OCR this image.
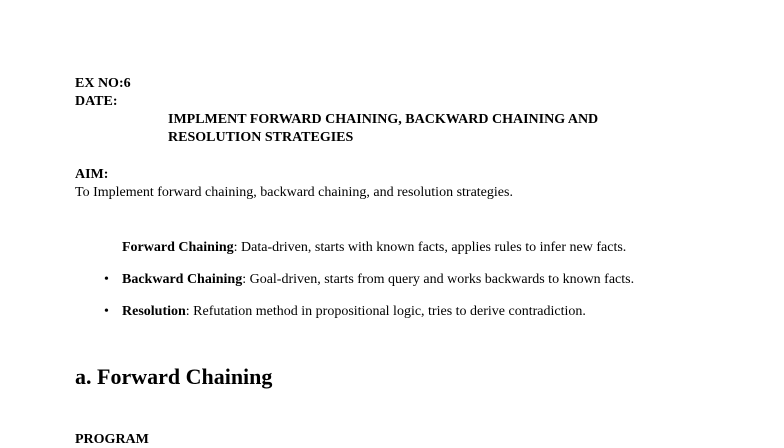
EX NO:6
DATE:
IMPLMENT FORWARD CHAINING, BACKWARD CHAINING AND
RESOLUTION STRATEGIES
AIM:
To Implement forward chaining, backward chaining, and resolution strategies.
Forward Chaining: Data-driven, starts with known facts, applies rules to infer new facts.
• Backward Chaining: Goal-driven, starts from query and works backwards to known facts.
• Resolution: Refutation method in propositional logic, tries to derive contradiction.
a. Forward Chaining
PROGRAM
